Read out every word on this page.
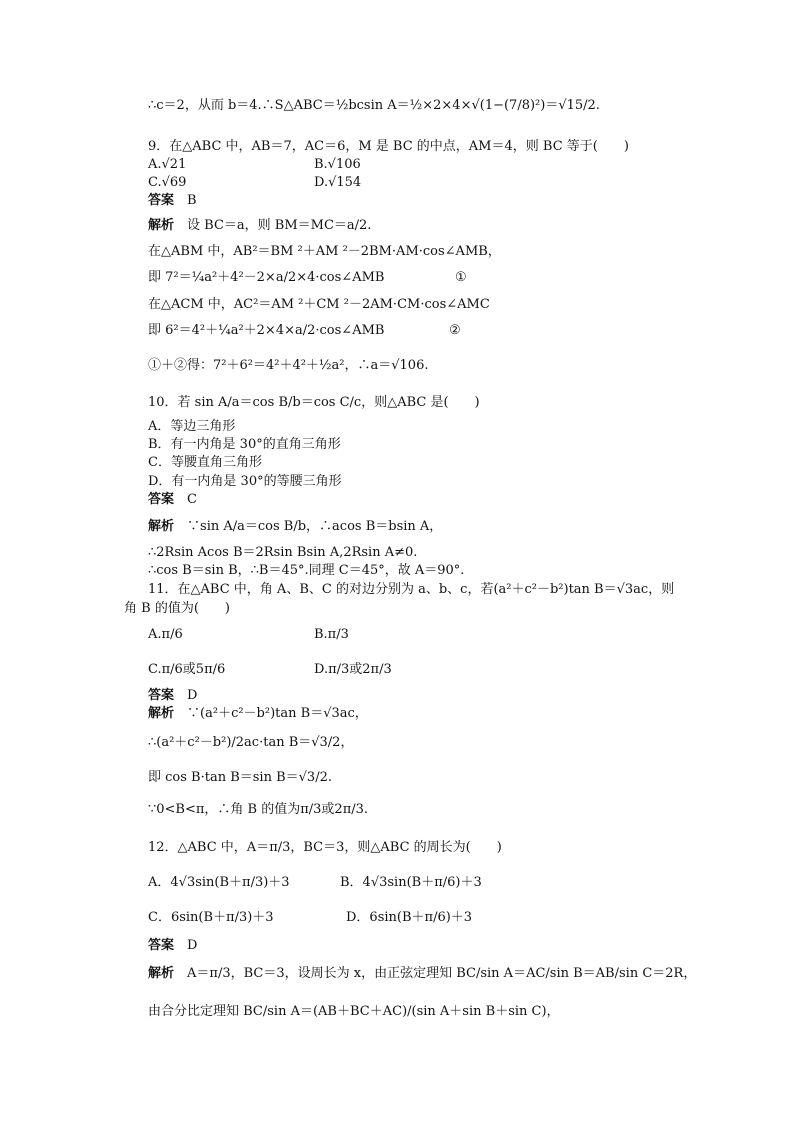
∴c＝2，从而 b＝4.∴S△ABC＝½bcsin A＝½×2×4×√(1−(7/8)²)＝√15/2.
9．在△ABC 中，AB＝7，AC＝6，M 是 BC 的中点，AM＝4，则 BC 等于(　　)
A.√21	B.√106
C.√69	D.√154
答案　 B
解析　 设 BC＝a，则 BM＝MC＝a/2.
在△ABM 中，AB²＝BM ²＋AM ²－2BM·AM·cos∠AMB，
即 7²＝¼a²＋4²－2×a/2×4·cos∠AMB	①
在△ACM 中，AC²＝AM ²＋CM ²－2AM·CM·cos∠AMC
即 6²＝4²＋¼a²＋2×4×a/2·cos∠AMB	②
①＋②得：7²＋6²＝4²＋4²＋½a²，∴a＝√106.
10．若 sin A/a＝cos B/b＝cos C/c，则△ABC 是(　　)
A．等边三角形
B．有一内角是 30°的直角三角形
C．等腰直角三角形
D．有一内角是 30°的等腰三角形
答案　 C
解析　 ∵sin A/a＝cos B/b，∴acos B＝bsin A，
∴2Rsin Acos B＝2Rsin Bsin A,2Rsin A≠0.
∴cos B＝sin B，∴B＝45°.同理 C＝45°，故 A＝90°.
11．在△ABC 中，角 A、B、C 的对边分别为 a、b、c，若(a²＋c²－b²)tan B＝√3ac，则
角 B 的值为(　　)
A.π/6	B.π/3
C.π/6或5π/6	D.π/3或2π/3
答案　 D
解析　 ∵(a²＋c²－b²)tan B＝√3ac，
∴(a²＋c²－b²)/2ac·tan B＝√3/2，
即 cos B·tan B＝sin B＝√3/2.
∵0<B<π，∴角 B 的值为π/3或2π/3.
12．△ABC 中，A＝π/3，BC＝3，则△ABC 的周长为(　　)
A．4√3sin(B＋π/3)＋3	B．4√3sin(B＋π/6)＋3
C．6sin(B＋π/3)＋3	D．6sin(B＋π/6)＋3
答案　 D
解析　 A＝π/3，BC＝3，设周长为 x，由正弦定理知 BC/sin A＝AC/sin B＝AB/sin C＝2R，
由合分比定理知 BC/sin A＝(AB＋BC＋AC)/(sin A＋sin B＋sin C)，
